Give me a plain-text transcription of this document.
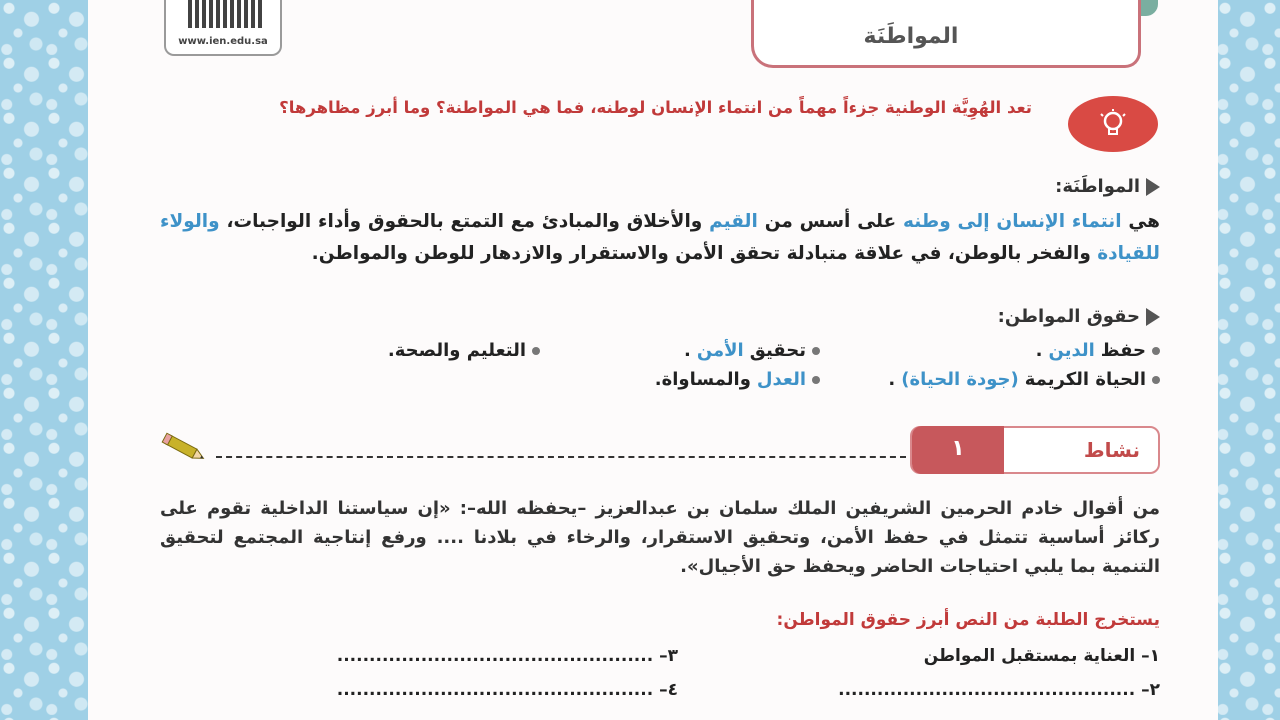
www.ien.edu.sa	المواطَنَة
تعد الهُوِيَّة الوطنية جزءاً مهماً من انتماء الإنسان لوطنه، فما هي المواطنة؟ وما أبرز مظاهرها؟
المواطَنَة:
هي انتماء الإنسان إلى وطنه على أسس من القيم والأخلاق والمبادئ مع التمتع بالحقوق وأداء الواجبات، والولاء للقيادة والفخر بالوطن، في علاقة متبادلة تحقق الأمن والاستقرار والازدهار للوطن والمواطن.
حقوق المواطن:
حفظ
الدين
.
تحقيق
الأمن
.
التعليم والصحة.
الحياة الكريمة
(جودة الحياة)
.
العدل
والمساواة.
نشاط
١
من أقوال خادم الحرمين الشريفين الملك سلمان بن عبدالعزيز –يحفظه الله–: «إن سياستنا الداخلية تقوم على ركائز أساسية تتمثل في حفظ الأمن، وتحقيق الاستقرار، والرخاء في بلادنا .... ورفع إنتاجية المجتمع لتحقيق التنمية بما يلبي احتياجات الحاضر ويحفظ حق الأجيال».
يستخرج الطلبة من النص أبرز حقوق المواطن:
١– العناية بمستقبل المواطن
٢– ..............................................
٣– .................................................
٤– .................................................
